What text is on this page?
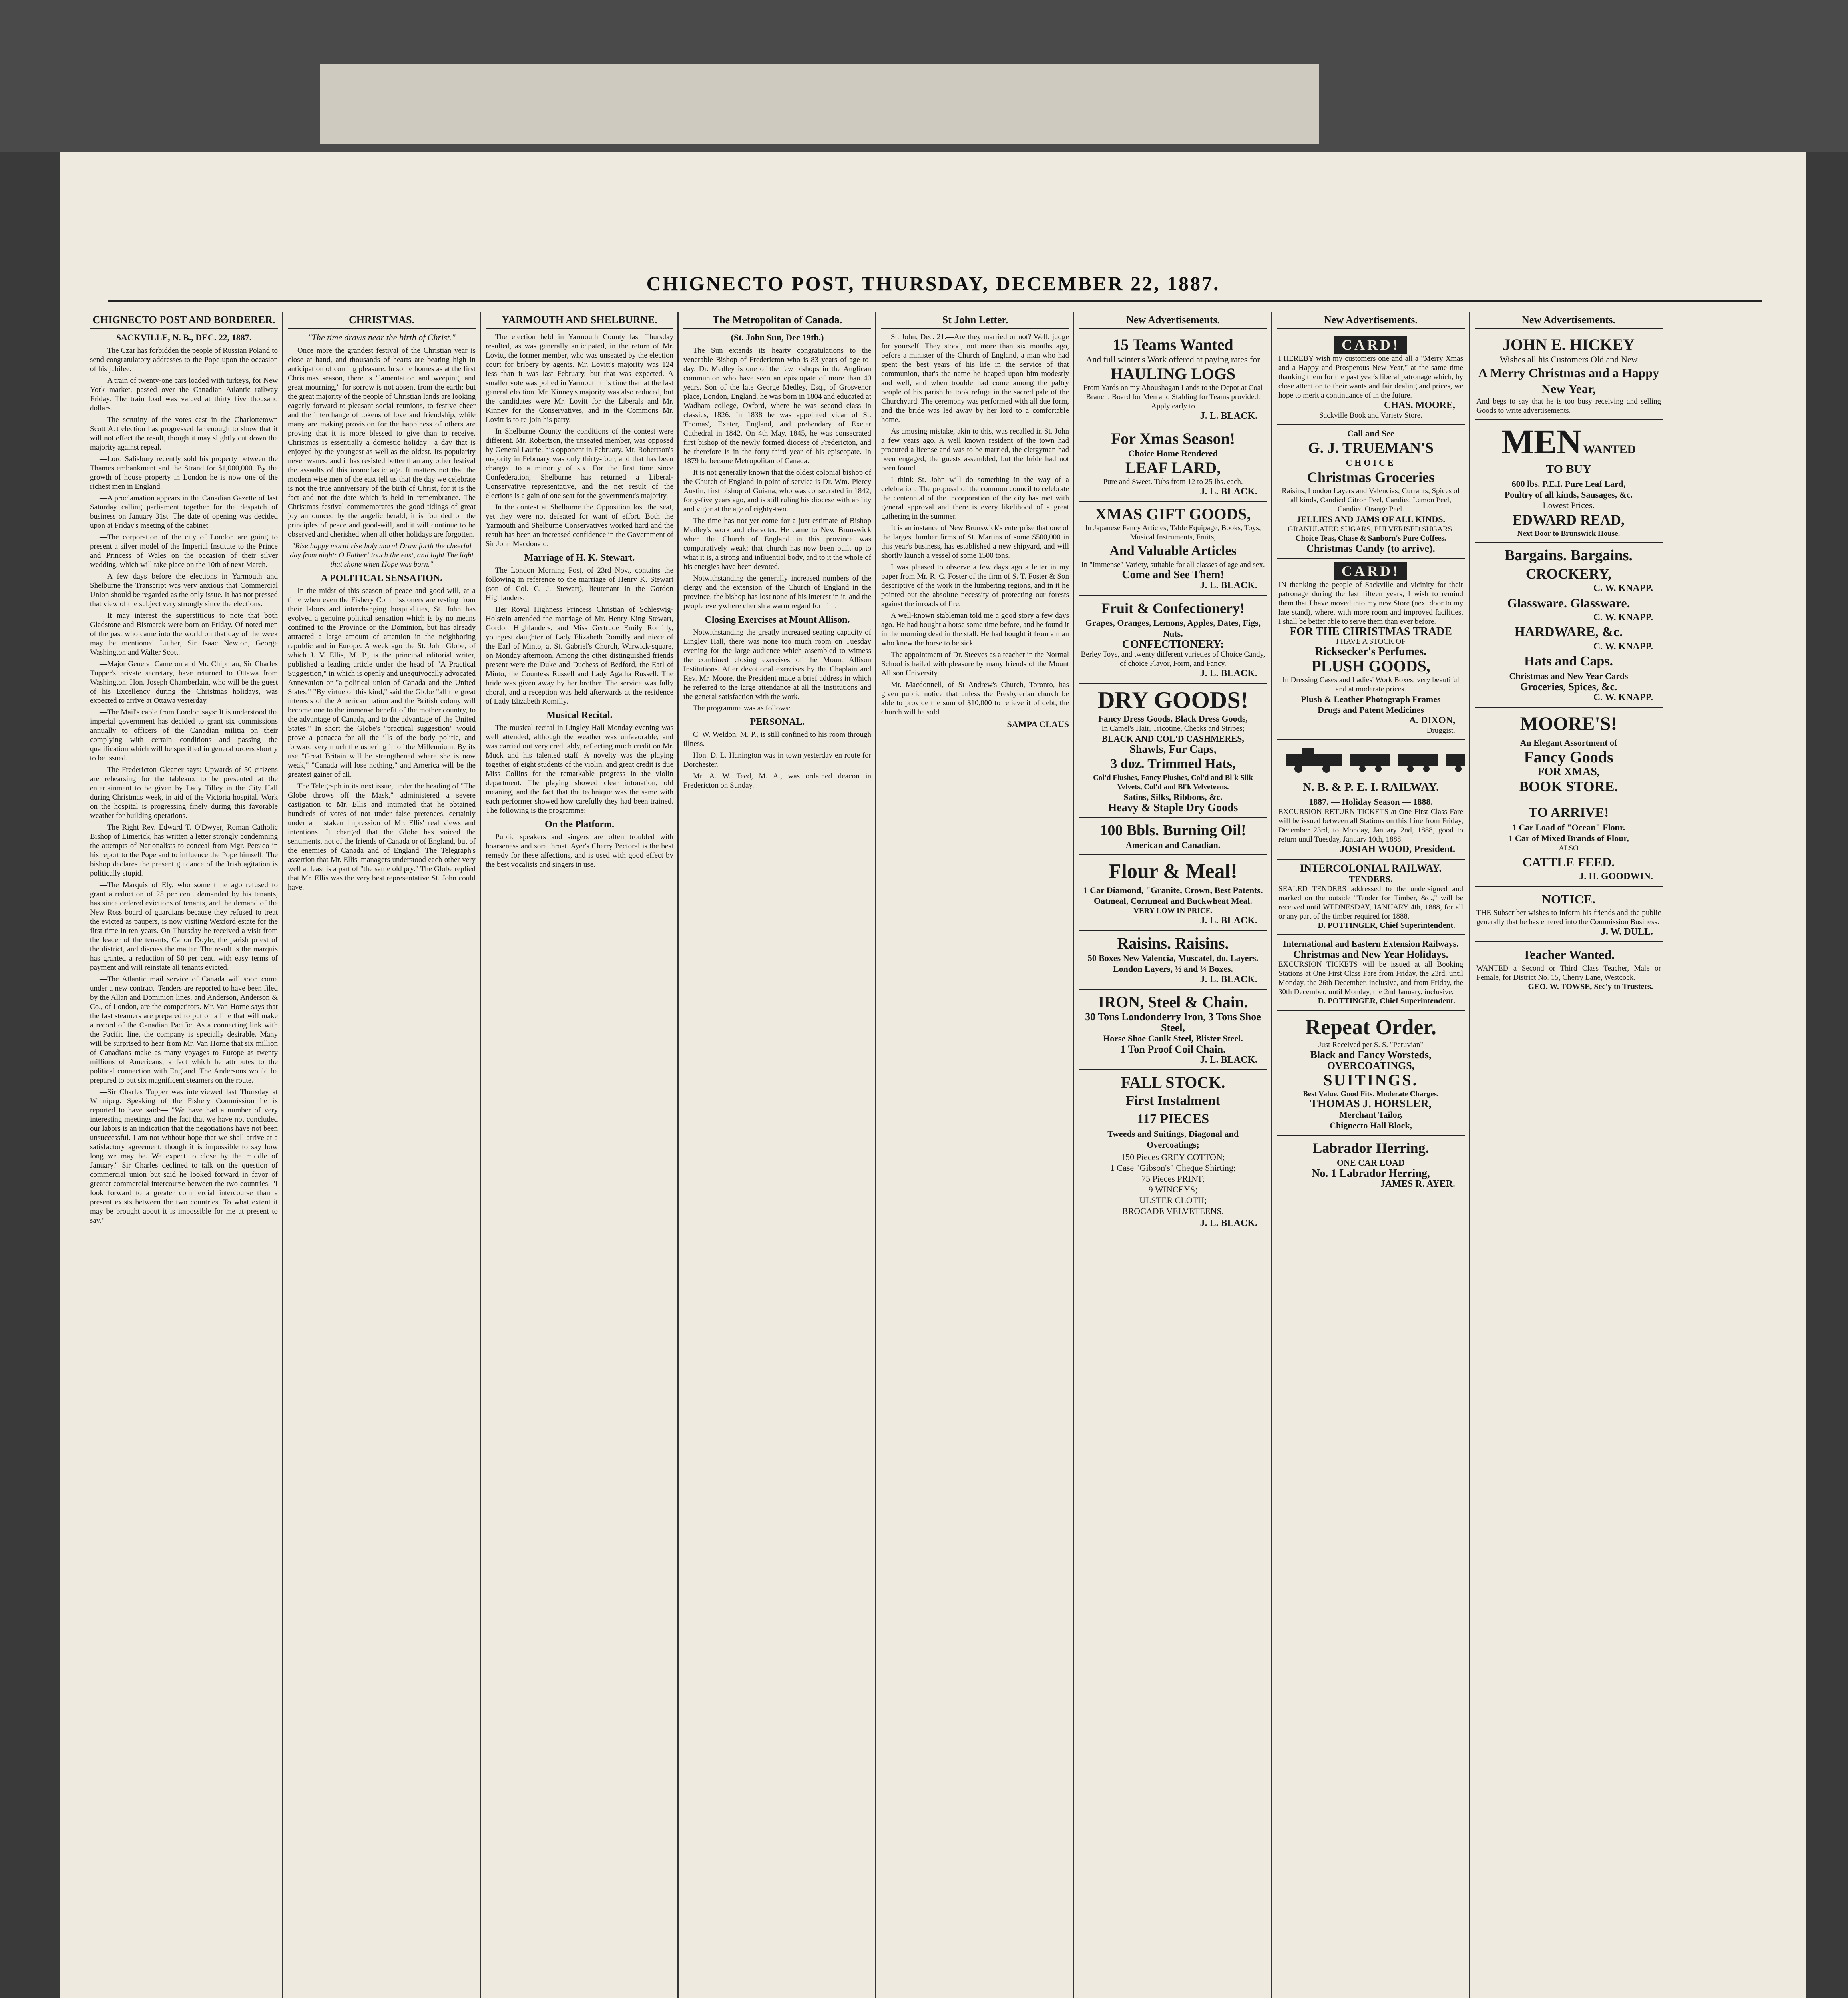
CHIGNECTO POST, THURSDAY, DECEMBER 22, 1887.
CHIGNECTO POST AND BORDERER.
SACKVILLE, N. B., DEC. 22, 1887.

—The Czar has forbidden the people of Russian Poland to send congratulatory addresses to the Pope upon the occasion of his jubilee.

—A train of twenty-one cars loaded with turkeys, for New York market, passed over the Canadian Atlantic railway Friday. The train load was valued at thirty five thousand dollars.

—The scrutiny of the votes cast in the Charlottetown Scott Act election has progressed far enough to show that it will not effect the result, though it may slightly cut down the majority against repeal.

—Lord Salisbury recently sold his property between the Thames embankment and the Strand for $1,000,000. By the growth of house property in London he is now one of the richest men in England.

—A proclamation appears in the Canadian Gazette of last Saturday calling parliament together for the despatch of business on January 31st. The date of opening was decided upon at Friday's meeting of the cabinet.

—The corporation of the city of London are going to present a silver model of the Imperial Institute to the Prince and Princess of Wales on the occasion of their silver wedding, which will take place on the 10th of next March.

—A few days before the elections in Yarmouth and Shelburne the Transcript was very anxious that Commercial Union should be regarded as the only issue. It has not pressed that view of the subject very strongly since the elections.

—It may interest the superstitious to note that both Gladstone and Bismarck were born on Friday. Of noted men of the past who came into the world on that day of the week may be mentioned Luther, Sir Isaac Newton, George Washington and Walter Scott.

—Major General Cameron and Mr. Chipman, Sir Charles Tupper's private secretary, have returned to Ottawa from Washington. Hon. Joseph Chamberlain, who will be the guest of his Excellency during the Christmas holidays, was expected to arrive at Ottawa yesterday.

—The Mail's cable from London says: It is understood the imperial government has decided to grant six commissions annually to officers of the Canadian militia on their complying with certain conditions and passing the qualification which will be specified in general orders shortly to be issued.

—The Fredericton Gleaner says: Upwards of 50 citizens are rehearsing for the tableaux to be presented at the entertainment to be given by Lady Tilley in the City Hall during Christmas week, in aid of the Victoria hospital. Work on the hospital is progressing finely during this favorable weather for building operations.

—The Right Rev. Edward T. O'Dwyer, Roman Catholic Bishop of Limerick, has written a letter strongly condemning the attempts of Nationalists to conceal from Mgr. Persico in his report to the Pope and to influence the Pope himself. The bishop declares the present guidance of the Irish agitation is politically stupid.

—The Marquis of Ely, who some time ago refused to grant a reduction of 25 per cent. demanded by his tenants, has since ordered evictions of tenants, and the demand of the New Ross board of guardians because they refused to treat the evicted as paupers, is now visiting Wexford estate for the first time in ten years. On Thursday he received a visit from the leader of the tenants, Canon Doyle, the parish priest of the district, and discuss the matter. The result is the marquis has granted a reduction of 50 per cent. with easy terms of payment and will reinstate all tenants evicted.

—The Atlantic mail service of Canada will soon come under a new contract. Tenders are reported to have been filed by the Allan and Dominion lines, and Anderson, Anderson & Co., of London, are the competitors. Mr. Van Horne says that the fast steamers are prepared to put on a line that will make a record of the Canadian Pacific. As a connecting link with the Pacific line, the company is specially desirable. Many will be surprised to hear from Mr. Van Horne that six million of Canadians make as many voyages to Europe as twenty millions of Americans; a fact which he attributes to the political connection with England. The Andersons would be prepared to put six magnificent steamers on the route.

—Sir Charles Tupper was interviewed last Thursday at Winnipeg. Speaking of the Fishery Commission he is reported to have said:— "We have had a number of very interesting meetings and the fact that we have not concluded our labors is an indication that the negotiations have not been unsuccessful. I am not without hope that we shall arrive at a satisfactory agreement, though it is impossible to say how long we may be. We expect to close by the middle of January." Sir Charles declined to talk on the question of commercial union but said he looked forward in favor of greater commercial intercourse between the two countries. "I look forward to a greater commercial intercourse than a present exists between the two countries. To what extent it may be brought about it is impossible for me at present to say."

CHRISTMAS.
"The time draws near the birth of Christ."

Once more the grandest festival of the Christian year is close at hand, and thousands of hearts are beating high in anticipation of coming pleasure. In some homes as at the first Christmas season, there is "lamentation and weeping, and great mourning," for sorrow is not absent from the earth; but the great majority of the people of Christian lands are looking eagerly forward to pleasant social reunions, to festive cheer and the interchange of tokens of love and friendship, while many are making provision for the happiness of others are proving that it is more blessed to give than to receive. Christmas is essentially a domestic holiday—a day that is enjoyed by the youngest as well as the oldest. Its popularity never wanes, and it has resisted better than any other festival the assaults of this iconoclastic age. It matters not that the modern wise men of the east tell us that the day we celebrate is not the true anniversary of the birth of Christ, for it is the fact and not the date which is held in remembrance. The Christmas festival commemorates the good tidings of great joy announced by the angelic herald; it is founded on the principles of peace and good-will, and it will continue to be observed and cherished when all other holidays are forgotten.

"Rise happy morn! rise holy morn! Draw forth the cheerful day from night: O Father! touch the east, and light The light that shone when Hope was born."

A POLITICAL SENSATION.

In the midst of this season of peace and good-will, at a time when even the Fishery Commissioners are resting from their labors and interchanging hospitalities, St. John has evolved a genuine political sensation which is by no means confined to the Province or the Dominion, but has already attracted a large amount of attention in the neighboring republic and in Europe. A week ago the St. John Globe, of which J. V. Ellis, M. P., is the principal editorial writer, published a leading article under the head of "A Practical Suggestion," in which is openly and unequivocally advocated Annexation or "a political union of Canada and the United States." "By virtue of this kind," said the Globe "all the great interests of the American nation and the British colony will become one to the immense benefit of the mother country, to the advantage of Canada, and to the advantage of the United States." In short the Globe's "practical suggestion" would prove a panacea for all the ills of the body politic, and forward very much the ushering in of the Millennium. By its use "Great Britain will be strengthened where she is now weak," "Canada will lose nothing," and America will be the greatest gainer of all.

The Telegraph in its next issue, under the heading of "The Globe throws off the Mask," administered a severe castigation to Mr. Ellis and intimated that he obtained hundreds of votes of not under false pretences, certainly under a mistaken impression of Mr. Ellis' real views and intentions. It charged that the Globe has voiced the sentiments, not of the friends of Canada or of England, but of the enemies of Canada and of England. The Telegraph's assertion that Mr. Ellis' managers understood each other very well at least is a part of "the same old pry." The Globe replied that Mr. Ellis was the very best representative St. John could have.

YARMOUTH AND SHELBURNE.

The election held in Yarmouth County last Thursday resulted, as was generally anticipated, in the return of Mr. Lovitt, the former member, who was unseated by the election court for bribery by agents. Mr. Lovitt's majority was 124 less than it was last February, but that was expected. A smaller vote was polled in Yarmouth this time than at the last general election. Mr. Kinney's majority was also reduced, but the candidates were Mr. Lovitt for the Liberals and Mr. Kinney for the Conservatives, and in the Commons Mr. Lovitt is to re-join his party.

In Shelburne County the conditions of the contest were different. Mr. Robertson, the unseated member, was opposed by General Laurie, his opponent in February. Mr. Robertson's majority in February was only thirty-four, and that has been changed to a minority of six. For the first time since Confederation, Shelburne has returned a Liberal-Conservative representative, and the net result of the elections is a gain of one seat for the government's majority.

In the contest at Shelburne the Opposition lost the seat, yet they were not defeated for want of effort. Both the Yarmouth and Shelburne Conservatives worked hard and the result has been an increased confidence in the Government of Sir John Macdonald.

Marriage of H. K. Stewart.

The London Morning Post, of 23rd Nov., contains the following in reference to the marriage of Henry K. Stewart (son of Col. C. J. Stewart), lieutenant in the Gordon Highlanders:

Her Royal Highness Princess Christian of Schleswig-Holstein attended the marriage of Mr. Henry King Stewart, Gordon Highlanders, and Miss Gertrude Emily Romilly, youngest daughter of Lady Elizabeth Romilly and niece of the Earl of Minto, at St. Gabriel's Church, Warwick-square, on Monday afternoon. Among the other distinguished friends present were the Duke and Duchess of Bedford, the Earl of Minto, the Countess Russell and Lady Agatha Russell. The bride was given away by her brother. The service was fully choral, and a reception was held afterwards at the residence of Lady Elizabeth Romilly.

Musical Recital.

The musical recital in Lingley Hall Monday evening was well attended, although the weather was unfavorable, and was carried out very creditably, reflecting much credit on Mr. Muck and his talented staff. A novelty was the playing together of eight students of the violin, and great credit is due Miss Collins for the remarkable progress in the violin department. The playing showed clear intonation, old meaning, and the fact that the technique was the same with each performer showed how carefully they had been trained. The following is the programme:

On the Platform.

Public speakers and singers are often troubled with hoarseness and sore throat. Ayer's Cherry Pectoral is the best remedy for these affections, and is used with good effect by the best vocalists and singers in use.

The Metropolitan of Canada.
(St. John Sun, Dec 19th.)

The Sun extends its hearty congratulations to the venerable Bishop of Fredericton who is 83 years of age to-day. Dr. Medley is one of the few bishops in the Anglican communion who have seen an episcopate of more than 40 years. Son of the late George Medley, Esq., of Grosvenor place, London, England, he was born in 1804 and educated at Wadham college, Oxford, where he was second class in classics, 1826. In 1838 he was appointed vicar of St. Thomas', Exeter, England, and prebendary of Exeter Cathedral in 1842. On 4th May, 1845, he was consecrated first bishop of the newly formed diocese of Fredericton, and he therefore is in the forty-third year of his episcopate. In 1879 he became Metropolitan of Canada.

It is not generally known that the oldest colonial bishop of the Church of England in point of service is Dr. Wm. Piercy Austin, first bishop of Guiana, who was consecrated in 1842, forty-five years ago, and is still ruling his diocese with ability and vigor at the age of eighty-two.

The time has not yet come for a just estimate of Bishop Medley's work and character. He came to New Brunswick when the Church of England in this province was comparatively weak; that church has now been built up to what it is, a strong and influential body, and to it the whole of his energies have been devoted.

Notwithstanding the generally increased numbers of the clergy and the extension of the Church of England in the province, the bishop has lost none of his interest in it, and the people everywhere cherish a warm regard for him.

Closing Exercises at Mount Allison.

Notwithstanding the greatly increased seating capacity of Lingley Hall, there was none too much room on Tuesday evening for the large audience which assembled to witness the combined closing exercises of the Mount Allison Institutions. After devotional exercises by the Chaplain and Rev. Mr. Moore, the President made a brief address in which he referred to the large attendance at all the Institutions and the general satisfaction with the work.

The programme was as follows:

PERSONAL.

C. W. Weldon, M. P., is still confined to his room through illness.

Hon. D. L. Hanington was in town yesterday en route for Dorchester.

Mr. A. W. Teed, M. A., was ordained deacon in Fredericton on Sunday.

St John Letter.

St. John, Dec. 21.—Are they married or not? Well, judge for yourself. They stood, not more than six months ago, before a minister of the Church of England, a man who had spent the best years of his life in the service of that communion, that's the name he heaped upon him modestly and well, and when trouble had come among the paltry people of his parish he took refuge in the sacred pale of the Churchyard. The ceremony was performed with all due form, and the bride was led away by her lord to a comfortable home.

As amusing mistake, akin to this, was recalled in St. John a few years ago. A well known resident of the town had procured a license and was to be married, the clergyman had been engaged, the guests assembled, but the bride had not been found.

I think St. John will do something in the way of a celebration. The proposal of the common council to celebrate the centennial of the incorporation of the city has met with general approval and there is every likelihood of a great gathering in the summer.

It is an instance of New Brunswick's enterprise that one of the largest lumber firms of St. Martins of some $500,000 in this year's business, has established a new shipyard, and will shortly launch a vessel of some 1500 tons.

I was pleased to observe a few days ago a letter in my paper from Mr. R. C. Foster of the firm of S. T. Foster & Son descriptive of the work in the lumbering regions, and in it he pointed out the absolute necessity of protecting our forests against the inroads of fire.

A well-known stableman told me a good story a few days ago. He had bought a horse some time before, and he found it in the morning dead in the stall. He had bought it from a man who knew the horse to be sick.

The appointment of Dr. Steeves as a teacher in the Normal School is hailed with pleasure by many friends of the Mount Allison University.

Mr. Macdonnell, of St Andrew's Church, Toronto, has given public notice that unless the Presbyterian church be able to provide the sum of $10,000 to relieve it of debt, the church will be sold.

SAMPA CLAUS
New Advertisements.
15 Teams Wanted
And full winter's Work offered at paying rates for
HAULING LOGS
From Yards on my Aboushagan Lands to the Depot at Coal Branch. Board for Men and Stabling for Teams provided. Apply early to
J. L. BLACK.
For Xmas Season!
Choice Home Rendered
LEAF LARD,
Pure and Sweet. Tubs from 12 to 25 lbs. each.
J. L. BLACK.
XMAS GIFT GOODS,
In Japanese Fancy Articles, Table Equipage, Books, Toys, Musical Instruments, Fruits,
And Valuable Articles
In "Immense" Variety, suitable for all classes of age and sex.
Come and See Them!
J. L. BLACK.
Fruit & Confectionery!
Grapes, Oranges, Lemons, Apples, Dates, Figs, Nuts.
CONFECTIONERY:
Berley Toys, and twenty different varieties of Choice Candy, of choice Flavor, Form, and Fancy.
J. L. BLACK.
DRY GOODS!
Fancy Dress Goods, Black Dress Goods,
In Camel's Hair, Tricotine, Checks and Stripes;
BLACK AND COL'D CASHMERES,
Shawls, Fur Caps,
3 doz. Trimmed Hats,
Col'd Flushes, Fancy Plushes, Col'd and Bl'k Silk Velvets, Col'd and Bl'k Velveteens.
Satins, Silks, Ribbons, &c.
Heavy & Staple Dry Goods
100 Bbls. Burning Oil!
American and Canadian.
Flour & Meal!
1 Car Diamond, "Granite, Crown, Best Patents.
Oatmeal, Cornmeal and Buckwheat Meal.
VERY LOW IN PRICE.
J. L. BLACK.
Raisins. Raisins.
50 Boxes New Valencia, Muscatel, do. Layers. London Layers, ½ and ¼ Boxes.
J. L. BLACK.
IRON, Steel & Chain.
30 Tons Londonderry Iron, 3 Tons Shoe Steel,
Horse Shoe Caulk Steel, Blister Steel.
1 Ton Proof Coil Chain.
J. L. BLACK.
FALL STOCK.
First Instalment
117 PIECES
Tweeds and Suitings, Diagonal and Overcoatings;
150 Pieces GREY COTTON;
1 Case "Gibson's" Cheque Shirting;
75 Pieces PRINT;
9 WINCEYS;
ULSTER CLOTH;
BROCADE VELVETEENS.
J. L. BLACK.
New Advertisements.
CARD!
I HEREBY wish my customers one and all a "Merry Xmas and a Happy and Prosperous New Year," at the same time thanking them for the past year's liberal patronage which, by close attention to their wants and fair dealing and prices, we hope to merit a continuance of in the future.
CHAS. MOORE,
Sackville Book and Variety Store.
Call and See
G. J. TRUEMAN'S
CHOICE
Christmas Groceries
Raisins, London Layers and Valencias; Currants, Spices of all kinds, Candied Citron Peel, Candied Lemon Peel, Candied Orange Peel.
JELLIES AND JAMS OF ALL KINDS.
GRANULATED SUGARS, PULVERISED SUGARS.
Choice Teas, Chase & Sanborn's Pure Coffees.
Christmas Candy (to arrive).
CARD!
IN thanking the people of Sackville and vicinity for their patronage during the last fifteen years, I wish to remind them that I have moved into my new Store (next door to my late stand), where, with more room and improved facilities, I shall be better able to serve them than ever before.
FOR THE CHRISTMAS TRADE
I HAVE A STOCK OF
Ricksecker's Perfumes.
PLUSH GOODS,
In Dressing Cases and Ladies' Work Boxes, very beautiful and at moderate prices.
Plush & Leather Photograph Frames
Drugs and Patent Medicines
A. DIXON,
Druggist.
N. B. & P. E. I. RAILWAY.
1887. — Holiday Season — 1888.
EXCURSION RETURN TICKETS at One First Class Fare will be issued between all Stations on this Line from Friday, December 23rd, to Monday, January 2nd, 1888, good to return until Tuesday, January 10th, 1888.
JOSIAH WOOD, President.
INTERCOLONIAL RAILWAY.
TENDERS.
SEALED TENDERS addressed to the undersigned and marked on the outside "Tender for Timber, &c.," will be received until WEDNESDAY, JANUARY 4th, 1888, for all or any part of the timber required for 1888.
D. POTTINGER, Chief Superintendent.
International and Eastern Extension Railways.
Christmas and New Year Holidays.
EXCURSION TICKETS will be issued at all Booking Stations at One First Class Fare from Friday, the 23rd, until Monday, the 26th December, inclusive, and from Friday, the 30th December, until Monday, the 2nd January, inclusive.
D. POTTINGER, Chief Superintendent.
Repeat Order.
Just Received per S. S. "Peruvian"
Black and Fancy Worsteds, OVERCOATINGS,
SUITINGS.
Best Value. Good Fits. Moderate Charges.
THOMAS J. HORSLER,
Merchant Tailor,
Chignecto Hall Block,
Labrador Herring.
ONE CAR LOAD
No. 1 Labrador Herring,
JAMES R. AYER.
New Advertisements.
JOHN E. HICKEY
Wishes all his Customers Old and New
A Merry Christmas and a Happy New Year,
And begs to say that he is too busy receiving and selling Goods to write advertisements.
MEN WANTED
TO BUY
600 lbs. P.E.I. Pure Leaf Lard,
Poultry of all kinds, Sausages, &c.
Lowest Prices.
EDWARD READ,
Next Door to Brunswick House.
Bargains. Bargains.
CROCKERY,
C. W. KNAPP.
Glassware. Glassware.
C. W. KNAPP.
HARDWARE, &c.
C. W. KNAPP.
Hats and Caps.
Christmas and New Year Cards
Groceries, Spices, &c.
C. W. KNAPP.
MOORE'S!
An Elegant Assortment of
Fancy Goods
FOR XMAS,
BOOK STORE.
TO ARRIVE!
1 Car Load of "Ocean" Flour.
1 Car of Mixed Brands of Flour,
ALSO
CATTLE FEED.
J. H. GOODWIN.
NOTICE.
THE Subscriber wishes to inform his friends and the public generally that he has entered into the Commission Business.
J. W. DULL.
Teacher Wanted.
WANTED a Second or Third Class Teacher, Male or Female, for District No. 15, Cherry Lane, Westcock.
GEO. W. TOWSE, Sec'y to Trustees.
